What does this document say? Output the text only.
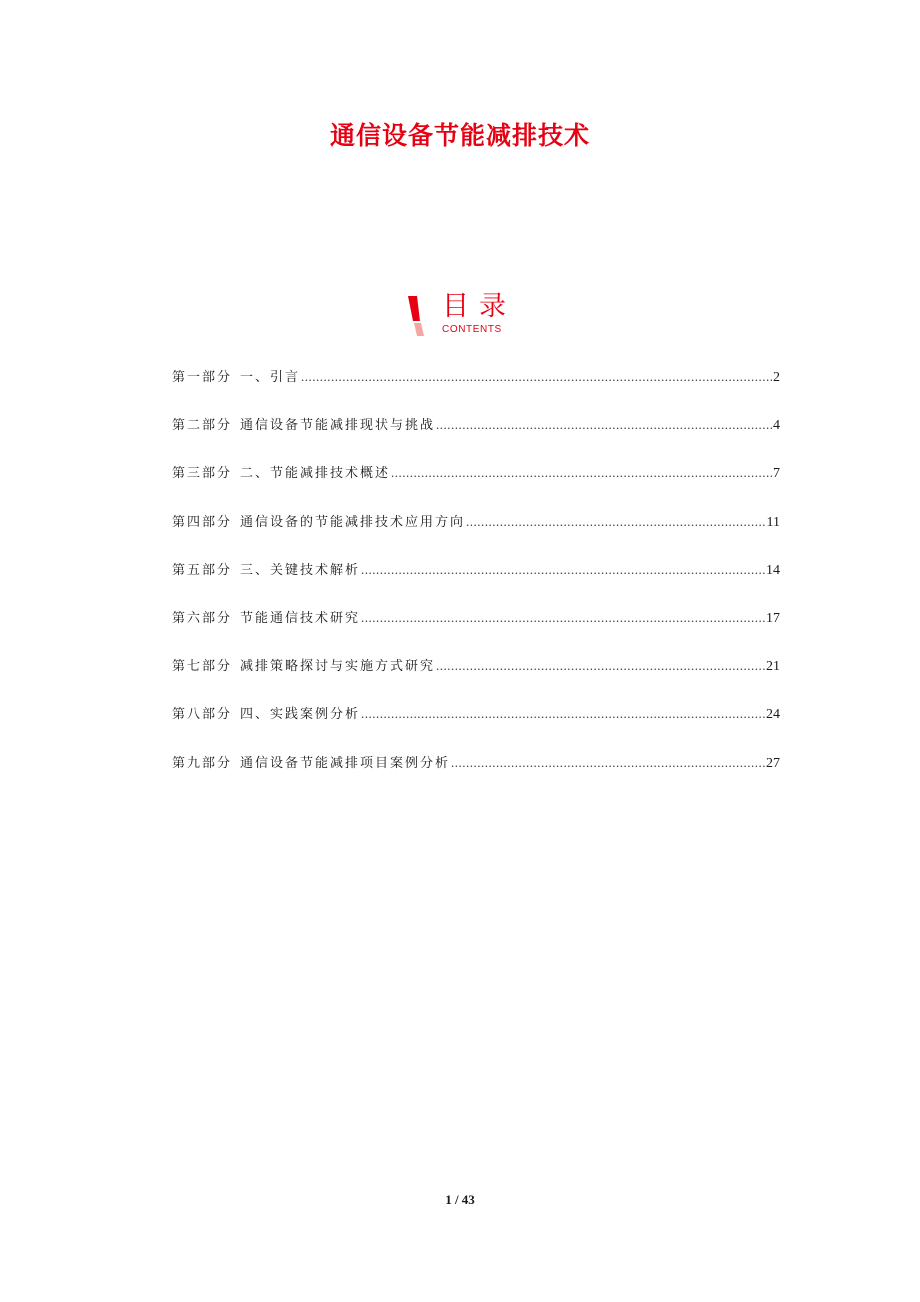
通信设备节能减排技术
目录
CONTENTS
第一部分 一、引言 .....	2
第二部分 通信设备节能减排现状与挑战 .....	4
第三部分 二、节能减排技术概述 .....	7
第四部分 通信设备的节能减排技术应用方向 .....	11
第五部分 三、关键技术解析 .....	14
第六部分 节能通信技术研究 .....	17
第七部分 减排策略探讨与实施方式研究 .....	21
第八部分 四、实践案例分析 .....	24
第九部分 通信设备节能减排项目案例分析 .....	27
1 / 43
